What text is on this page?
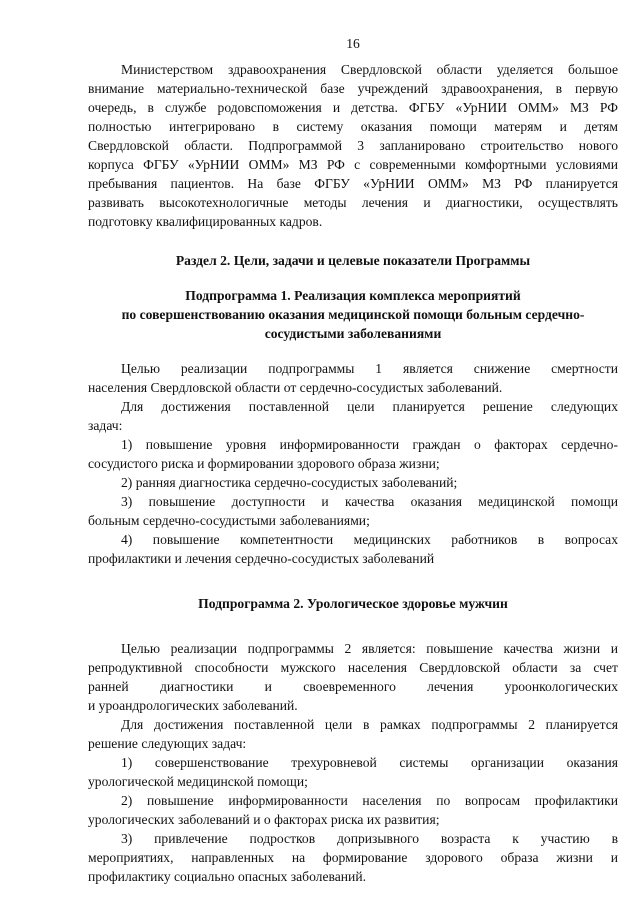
16

Министерством здравоохранения Свердловской области уделяется большое
внимание материально-технической базе учреждений здравоохранения, в первую
очередь, в службе родовспоможения и детства. ФГБУ «УрНИИ ОММ» МЗ РФ
полностью интегрировано в систему оказания помощи матерям и детям
Свердловской области. Подпрограммой 3 запланировано строительство нового
корпуса ФГБУ «УрНИИ ОММ» МЗ РФ с современными комфортными условиями
пребывания пациентов. На базе ФГБУ «УрНИИ ОММ» МЗ РФ планируется
развивать высокотехнологичные методы лечения и диагностики, осуществлять
подготовку квалифицированных кадров.

Раздел 2. Цели, задачи и целевые показатели Программы
Подпрограмма 1. Реализация комплекса мероприятий
по совершенствованию оказания медицинской помощи больным сердечно-
сосудистыми заболеваниями

Целью реализации подпрограммы 1 является снижение смертности
населения Свердловской области от сердечно-сосудистых заболеваний.

Для достижения поставленной цели планируется решение следующих
задач:

1) повышение уровня информированности граждан о факторах сердечно-
сосудистого риска и формировании здорового образа жизни;

2) ранняя диагностика сердечно-сосудистых заболеваний;

3) повышение доступности и качества оказания медицинской помощи
больным сердечно-сосудистыми заболеваниями;

4) повышение компетентности медицинских работников в вопросах
профилактики и лечения сердечно-сосудистых заболеваний

Подпрограмма 2. Урологическое здоровье мужчин

Целью реализации подпрограммы 2 является: повышение качества жизни и
репродуктивной способности мужского населения Свердловской области за счет
ранней диагностики и своевременного лечения уроонкологических
и уроандрологических заболеваний.

Для достижения поставленной цели в рамках подпрограммы 2 планируется
решение следующих задач:

1) совершенствование трехуровневой системы организации оказания
урологической медицинской помощи;

2) повышение информированности населения по вопросам профилактики
урологических заболеваний и о факторах риска их развития;

3) привлечение подростков допризывного возраста к участию в
мероприятиях, направленных на формирование здорового образа жизни и
профилактику социально опасных заболеваний.
